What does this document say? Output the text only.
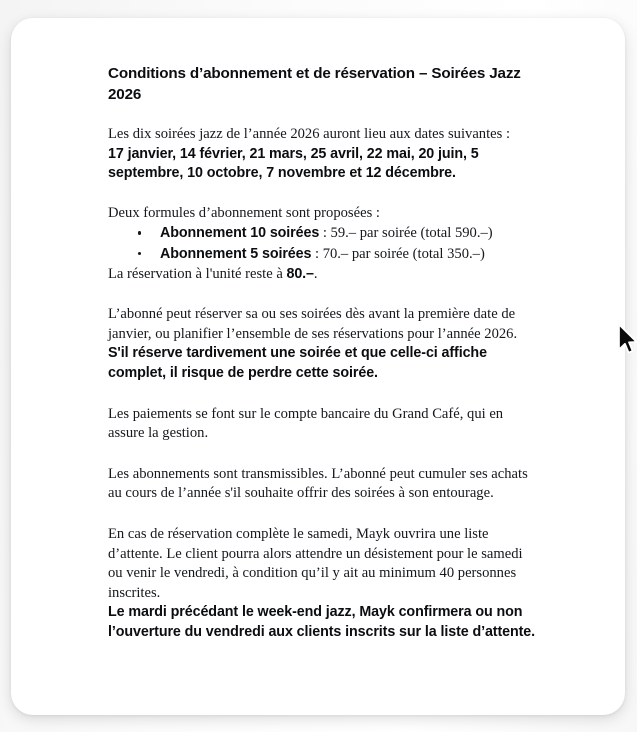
Conditions d’abonnement et de réservation – Soirées Jazz 2026
Les dix soirées jazz de l’année 2026 auront lieu aux dates suivantes :
17 janvier, 14 février, 21 mars, 25 avril, 22 mai, 20 juin, 5 septembre, 10 octobre, 7 novembre et 12 décembre.
Deux formules d’abonnement sont proposées :
Abonnement 10 soirées : 59.– par soirée (total 590.–)
Abonnement 5 soirées : 70.– par soirée (total 350.–)
La réservation à l'unité reste à 80.–.
L’abonné peut réserver sa ou ses soirées dès avant la première date de janvier, ou planifier l’ensemble de ses réservations pour l’année 2026.
S'il réserve tardivement une soirée et que celle-ci affiche complet, il risque de perdre cette soirée.
Les paiements se font sur le compte bancaire du Grand Café, qui en assure la gestion.
Les abonnements sont transmissibles. L’abonné peut cumuler ses achats au cours de l’année s'il souhaite offrir des soirées à son entourage.
En cas de réservation complète le samedi, Mayk ouvrira une liste d’attente. Le client pourra alors attendre un désistement pour le samedi ou venir le vendredi, à condition qu’il y ait au minimum 40 personnes inscrites.
Le mardi précédant le week-end jazz, Mayk confirmera ou non l’ouverture du vendredi aux clients inscrits sur la liste d’attente.
